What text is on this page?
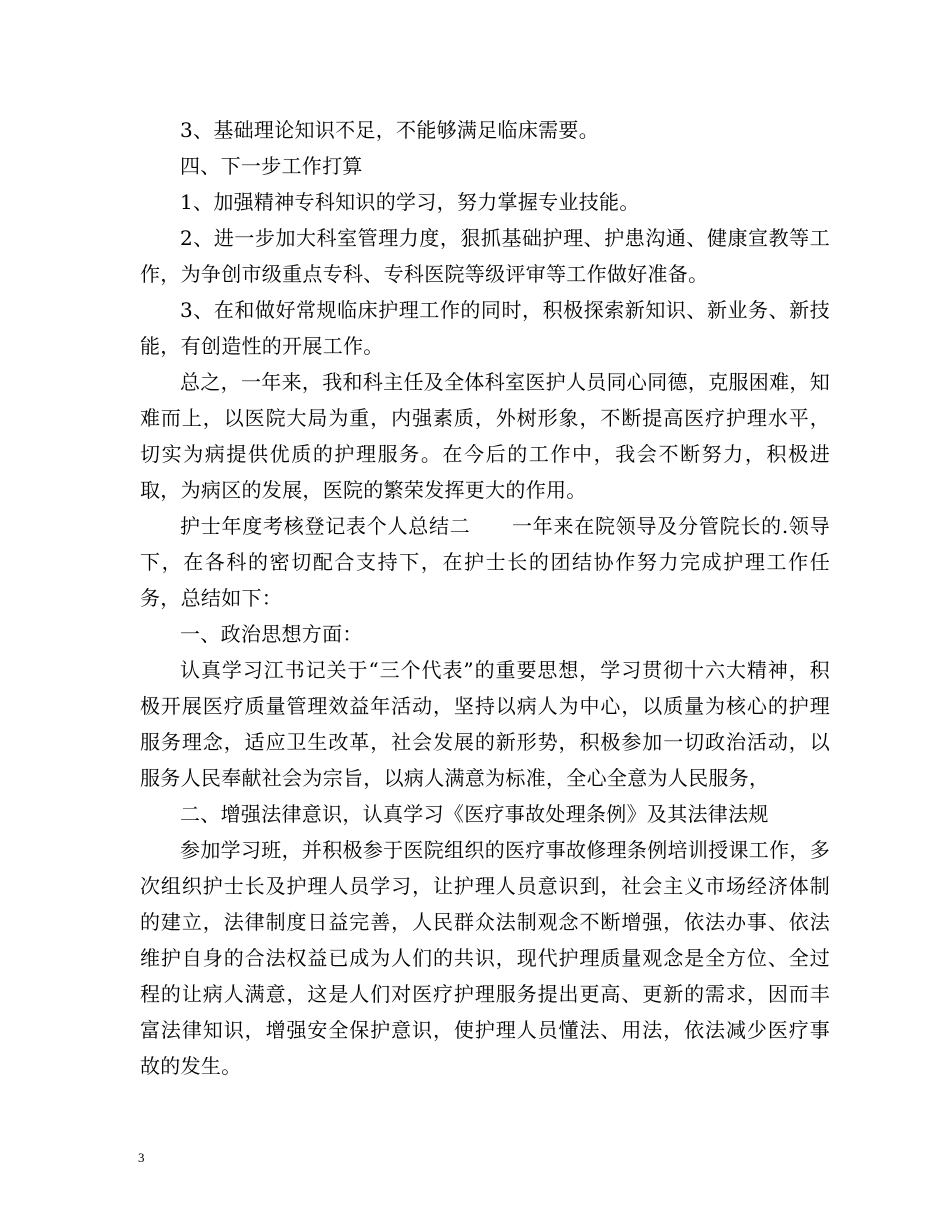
3、基础理论知识不足，不能够满足临床需要。

四、下一步工作打算

1、加强精神专科知识的学习，努力掌握专业技能。

2、进一步加大科室管理力度，狠抓基础护理、护患沟通、健康宣教等工作，为争创市级重点专科、专科医院等级评审等工作做好准备。

3、在和做好常规临床护理工作的同时，积极探索新知识、新业务、新技能，有创造性的开展工作。

总之，一年来，我和科主任及全体科室医护人员同心同德，克服困难，知难而上，以医院大局为重，内强素质，外树形象，不断提高医疗护理水平，切实为病提供优质的护理服务。在今后的工作中，我会不断努力，积极进取，为病区的发展，医院的繁荣发挥更大的作用。

护士年度考核登记表个人总结二　　一年来在院领导及分管院长的.领导下，在各科的密切配合支持下，在护士长的团结协作努力完成护理工作任务，总结如下：

一、政治思想方面：

认真学习江书记关于“三个代表”的重要思想，学习贯彻十六大精神，积极开展医疗质量管理效益年活动，坚持以病人为中心，以质量为核心的护理服务理念，适应卫生改革，社会发展的新形势，积极参加一切政治活动，以服务人民奉献社会为宗旨，以病人满意为标准，全心全意为人民服务，

二、增强法律意识，认真学习《医疗事故处理条例》及其法律法规

参加学习班，并积极参于医院组织的医疗事故修理条例培训授课工作，多次组织护士长及护理人员学习，让护理人员意识到，社会主义市场经济体制的建立，法律制度日益完善，人民群众法制观念不断增强，依法办事、依法维护自身的合法权益已成为人们的共识，现代护理质量观念是全方位、全过程的让病人满意，这是人们对医疗护理服务提出更高、更新的需求，因而丰富法律知识，增强安全保护意识，使护理人员懂法、用法，依法减少医疗事故的发生。

3
